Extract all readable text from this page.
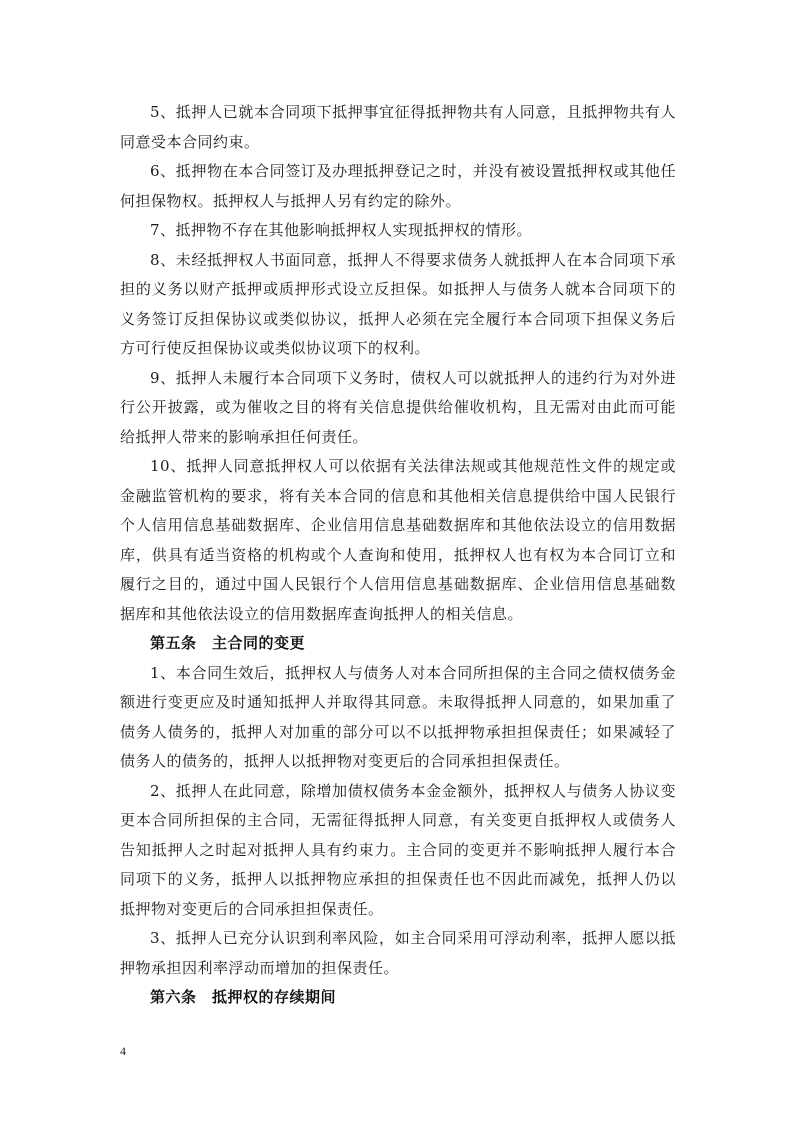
5、抵押人已就本合同项下抵押事宜征得抵押物共有人同意，且抵押物共有人同意受本合同约束。

6、抵押物在本合同签订及办理抵押登记之时，并没有被设置抵押权或其他任何担保物权。抵押权人与抵押人另有约定的除外。

7、抵押物不存在其他影响抵押权人实现抵押权的情形。

8、未经抵押权人书面同意，抵押人不得要求债务人就抵押人在本合同项下承担的义务以财产抵押或质押形式设立反担保。如抵押人与债务人就本合同项下的义务签订反担保协议或类似协议，抵押人必须在完全履行本合同项下担保义务后方可行使反担保协议或类似协议项下的权利。

9、抵押人未履行本合同项下义务时，债权人可以就抵押人的违约行为对外进行公开披露，或为催收之目的将有关信息提供给催收机构，且无需对由此而可能给抵押人带来的影响承担任何责任。

10、抵押人同意抵押权人可以依据有关法律法规或其他规范性文件的规定或金融监管机构的要求，将有关本合同的信息和其他相关信息提供给中国人民银行个人信用信息基础数据库、企业信用信息基础数据库和其他依法设立的信用数据库，供具有适当资格的机构或个人查询和使用，抵押权人也有权为本合同订立和履行之目的，通过中国人民银行个人信用信息基础数据库、企业信用信息基础数据库和其他依法设立的信用数据库查询抵押人的相关信息。

第五条　主合同的变更

1、本合同生效后，抵押权人与债务人对本合同所担保的主合同之债权债务金额进行变更应及时通知抵押人并取得其同意。未取得抵押人同意的，如果加重了债务人债务的，抵押人对加重的部分可以不以抵押物承担担保责任；如果减轻了债务人的债务的，抵押人以抵押物对变更后的合同承担担保责任。

2、抵押人在此同意，除增加债权债务本金金额外，抵押权人与债务人协议变更本合同所担保的主合同，无需征得抵押人同意，有关变更自抵押权人或债务人告知抵押人之时起对抵押人具有约束力。主合同的变更并不影响抵押人履行本合同项下的义务，抵押人以抵押物应承担的担保责任也不因此而减免，抵押人仍以抵押物对变更后的合同承担担保责任。

3、抵押人已充分认识到利率风险，如主合同采用可浮动利率，抵押人愿以抵押物承担因利率浮动而增加的担保责任。

第六条　抵押权的存续期间

4
